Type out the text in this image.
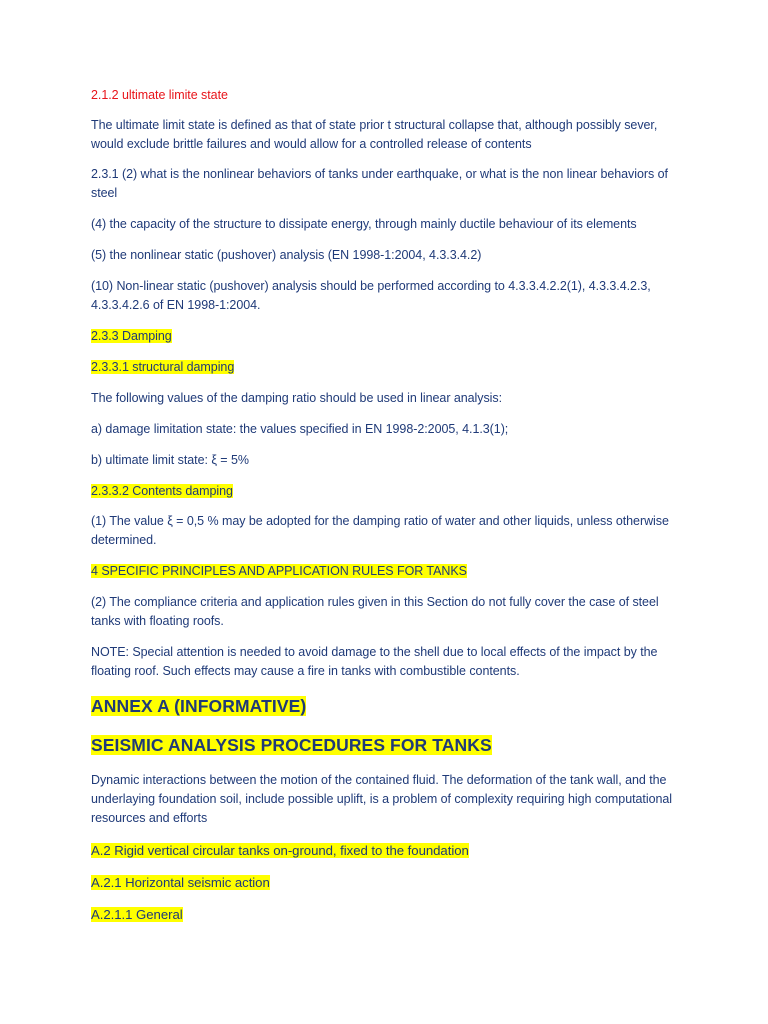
2.1.2 ultimate limite state

The ultimate limit state is defined as that of state prior t structural collapse that, although possibly sever, would exclude brittle failures and would allow for a controlled release of contents

2.3.1 (2) what is the nonlinear behaviors of tanks under earthquake, or what is the non linear behaviors of steel

(4) the capacity of the structure to dissipate energy, through mainly ductile behaviour of its elements

(5) the nonlinear static (pushover) analysis (EN 1998-1:2004, 4.3.3.4.2)

(10) Non-linear static (pushover) analysis should be performed according to 4.3.3.4.2.2(1), 4.3.3.4.2.3, 4.3.3.4.2.6 of EN 1998-1:2004.

2.3.3 Damping

2.3.3.1 structural damping

The following values of the damping ratio should be used in linear analysis:

a) damage limitation state: the values specified in EN 1998-2:2005, 4.1.3(1);

b) ultimate limit state: ξ = 5%

2.3.3.2 Contents damping

(1) The value ξ = 0,5 % may be adopted for the damping ratio of water and other liquids, unless otherwise determined.

4 SPECIFIC PRINCIPLES AND APPLICATION RULES FOR TANKS

(2) The compliance criteria and application rules given in this Section do not fully cover the case of steel tanks with floating roofs.

NOTE: Special attention is needed to avoid damage to the shell due to local effects of the impact by the floating roof. Such effects may cause a fire in tanks with combustible contents.

ANNEX A (INFORMATIVE)

SEISMIC ANALYSIS PROCEDURES FOR TANKS

Dynamic interactions between the motion of the contained fluid. The deformation of the tank wall, and the underlaying foundation soil, include possible uplift, is a problem of complexity requiring high computational resources and efforts

A.2 Rigid vertical circular tanks on-ground, fixed to the foundation

A.2.1 Horizontal seismic action

A.2.1.1 General
